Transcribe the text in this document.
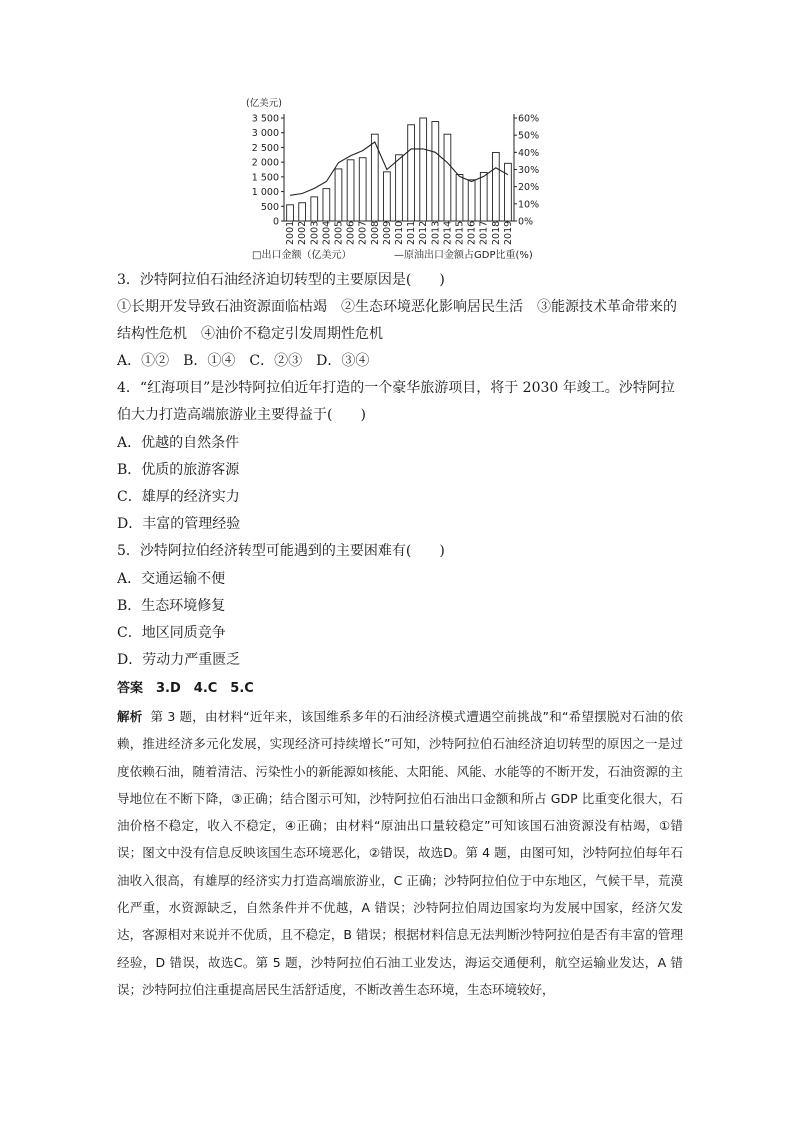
(亿美元)
0
500
1 000
1 500
2 000
2 500
3 000
3 500
0%
10%
20%
30%
40%
50%
60%
2001 2002 2003 2004 2005 2006 2007 2008 2009 2010 2011 2012 2013 2014 2015 2016 2017 2018 2019
□出口金额（亿美元）	—原油出口金额占GDP比重(%)
3．沙特阿拉伯石油经济迫切转型的主要原因是(　　)
①长期开发导致石油资源面临枯竭　②生态环境恶化影响居民生活　③能源技术革命带来的
结构性危机　④油价不稳定引发周期性危机
A．①②　B．①④　C．②③　D．③④
4．“红海项目”是沙特阿拉伯近年打造的一个豪华旅游项目，将于 2030 年竣工。沙特阿拉
伯大力打造高端旅游业主要得益于(　　)
A．优越的自然条件
B．优质的旅游客源
C．雄厚的经济实力
D．丰富的管理经验
5．沙特阿拉伯经济转型可能遇到的主要困难有(　　)
A．交通运输不便
B．生态环境修复
C．地区同质竞争
D．劳动力严重匮乏
答案　3.D　4.C　5.C
解析 第 3 题，由材料“近年来，该国维系多年的石油经济模式遭遇空前挑战”和“希望摆脱对石油的依赖，推进经济多元化发展，实现经济可持续增长”可知，沙特阿拉伯石油经济迫切转型的原因之一是过度依赖石油，随着清洁、污染性小的新能源如核能、太阳能、风能、水能等的不断开发，石油资源的主导地位在不断下降，③正确；结合图示可知，沙特阿拉伯石油出口金额和所占 GDP 比重变化很大，石油价格不稳定，收入不稳定，④正确；由材料“原油出口量较稳定”可知该国石油资源没有枯竭，①错误；图文中没有信息反映该国生态环境恶化，②错误，故选D。第 4 题，由图可知，沙特阿拉伯每年石油收入很高，有雄厚的经济实力打造高端旅游业，C 正确；沙特阿拉伯位于中东地区，气候干旱，荒漠化严重，水资源缺乏，自然条件并不优越，A 错误；沙特阿拉伯周边国家均为发展中国家，经济欠发达，客源相对来说并不优质，且不稳定，B 错误；根据材料信息无法判断沙特阿拉伯是否有丰富的管理经验，D 错误，故选C。第 5 题，沙特阿拉伯石油工业发达，海运交通便利，航空运输业发达，A 错误；沙特阿拉伯注重提高居民生活舒适度，不断改善生态环境，生态环境较好，
